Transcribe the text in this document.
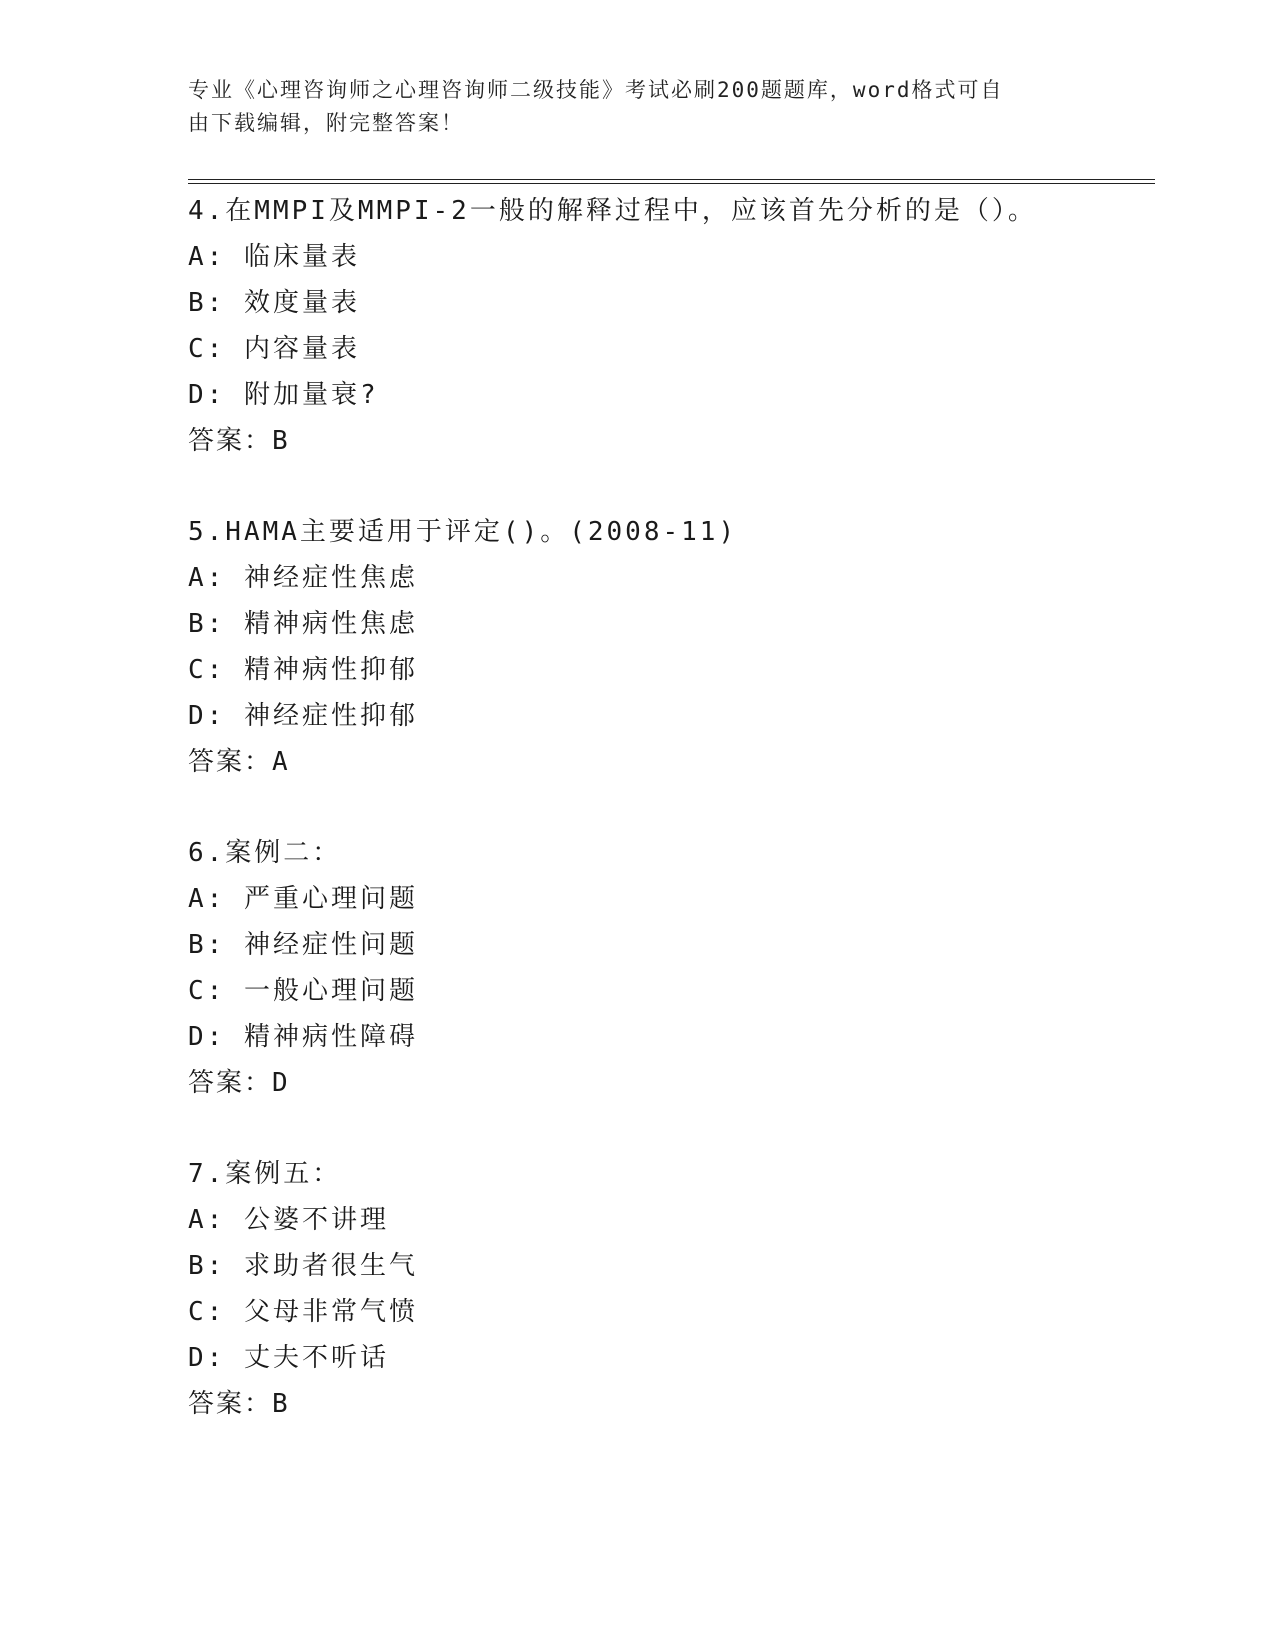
专业《心理咨询师之心理咨询师二级技能》考试必刷200题题库，word格式可自
由下载编辑，附完整答案！
4.在MMPI及MMPI-2一般的解释过程中，应该首先分析的是（）。
A: 临床量表
B: 效度量表
C: 内容量表
D: 附加量衰?
答案：B
5.HAMA主要适用于评定()。(2008-11)
A: 神经症性焦虑
B: 精神病性焦虑
C: 精神病性抑郁
D: 神经症性抑郁
答案：A
6.案例二：
A: 严重心理问题
B: 神经症性问题
C: 一般心理问题
D: 精神病性障碍
答案：D
7.案例五：
A: 公婆不讲理
B: 求助者很生气
C: 父母非常气愤
D: 丈夫不听话
答案：B
